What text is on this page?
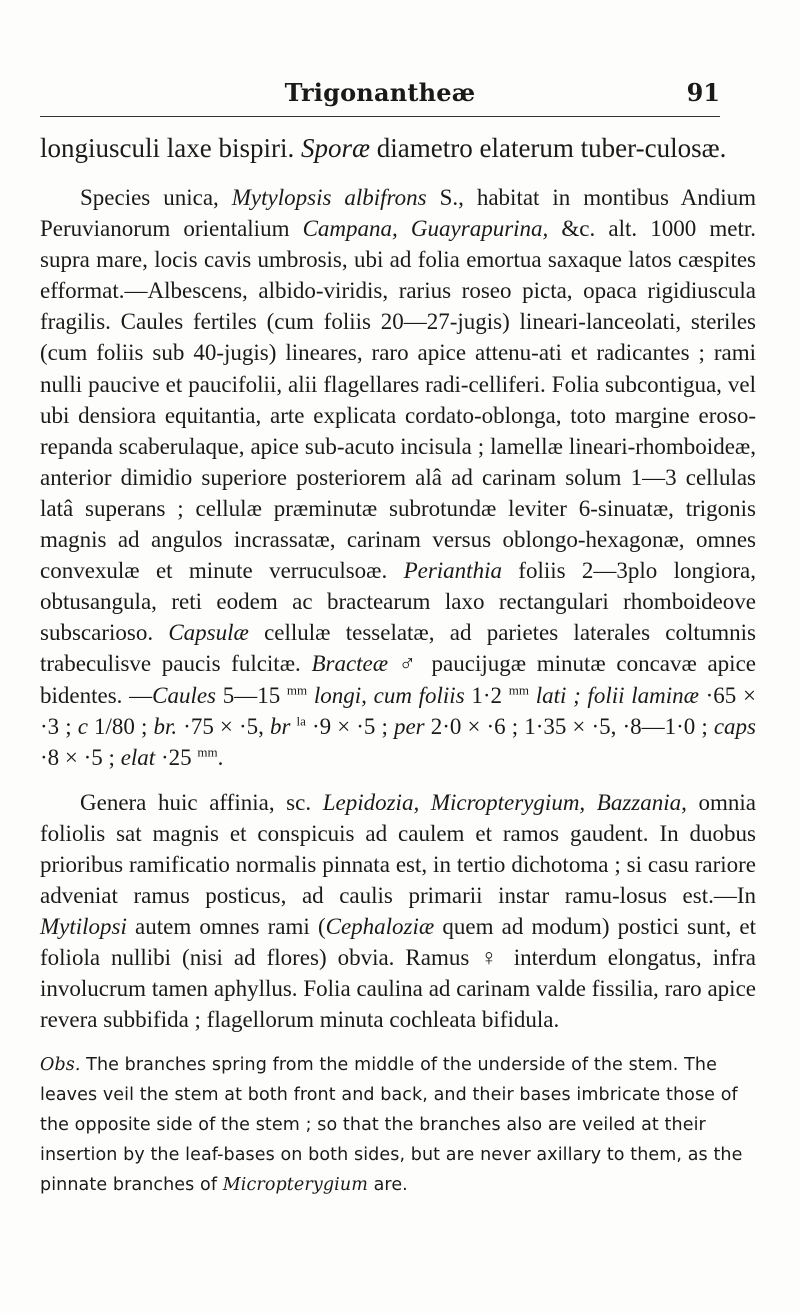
Trigonantheæ	91

longiusculi laxe bispiri. Sporæ diametro elaterum tuber-culosæ.

Species unica, Mytylopsis albifrons S., habitat in montibus Andium Peruvianorum orientalium Campana, Guayrapurina, &c. alt. 1000 metr. supra mare, locis cavis umbrosis, ubi ad folia emortua saxaque latos cæspites efformat.—Albescens, albido-viridis, rarius roseo picta, opaca rigidiuscula fragilis. Caules fertiles (cum foliis 20—27-jugis) lineari-lanceolati, steriles (cum foliis sub 40-jugis) lineares, raro apice attenu-ati et radicantes ; rami nulli paucive et paucifolii, alii flagellares radi-celliferi. Folia subcontigua, vel ubi densiora equitantia, arte explicata cordato-oblonga, toto margine eroso-repanda scaberulaque, apice sub-acuto incisula ; lamellæ lineari-rhomboideæ, anterior dimidio superiore posteriorem alâ ad carinam solum 1—3 cellulas latâ superans ; cellulæ præminutæ subrotundæ leviter 6-sinuatæ, trigonis magnis ad angulos incrassatæ, carinam versus oblongo-hexagonæ, omnes convexulæ et minute verruculsoæ. Perianthia foliis 2—3plo longiora, obtusangula, reti eodem ac bractearum laxo rectangulari rhomboideove subscarioso. Capsulæ cellulæ tesselatæ, ad parietes laterales coltumnis trabeculisve paucis fulcitæ. Bracteæ ♂ paucijugæ minutæ concavæ apice bidentes. —Caules 5—15 $^{mm}$ longi, cum foliis 1·2 $^{mm}$ lati ; folii laminæ ·65 × ·3 ; c 1/80 ; br. ·75 × ·5, br $^{la}$ ·9 × ·5 ; per 2·0 × ·6 ; 1·35 × ·5, ·8—1·0 ; caps ·8 × ·5 ; elat ·25 $^{mm}$.

Genera huic affinia, sc. Lepidozia, Micropterygium, Bazzania, omnia foliolis sat magnis et conspicuis ad caulem et ramos gaudent. In duobus prioribus ramificatio normalis pinnata est, in tertio dichotoma ; si casu rariore adveniat ramus posticus, ad caulis primarii instar ramu-losus est.—In Mytilopsi autem omnes rami (Cephaloziæ quem ad modum) postici sunt, et foliola nullibi (nisi ad flores) obvia. Ramus ♀ interdum elongatus, infra involucrum tamen aphyllus. Folia caulina ad carinam valde fissilia, raro apice revera subbifida ; flagellorum minuta cochleata bifidula.

Obs. The branches spring from the middle of the underside of the stem. The leaves veil the stem at both front and back, and their bases imbricate those of the opposite side of the stem ; so that the branches also are veiled at their insertion by the leaf-bases on both sides, but are never axillary to them, as the pinnate branches of Micropterygium are.
